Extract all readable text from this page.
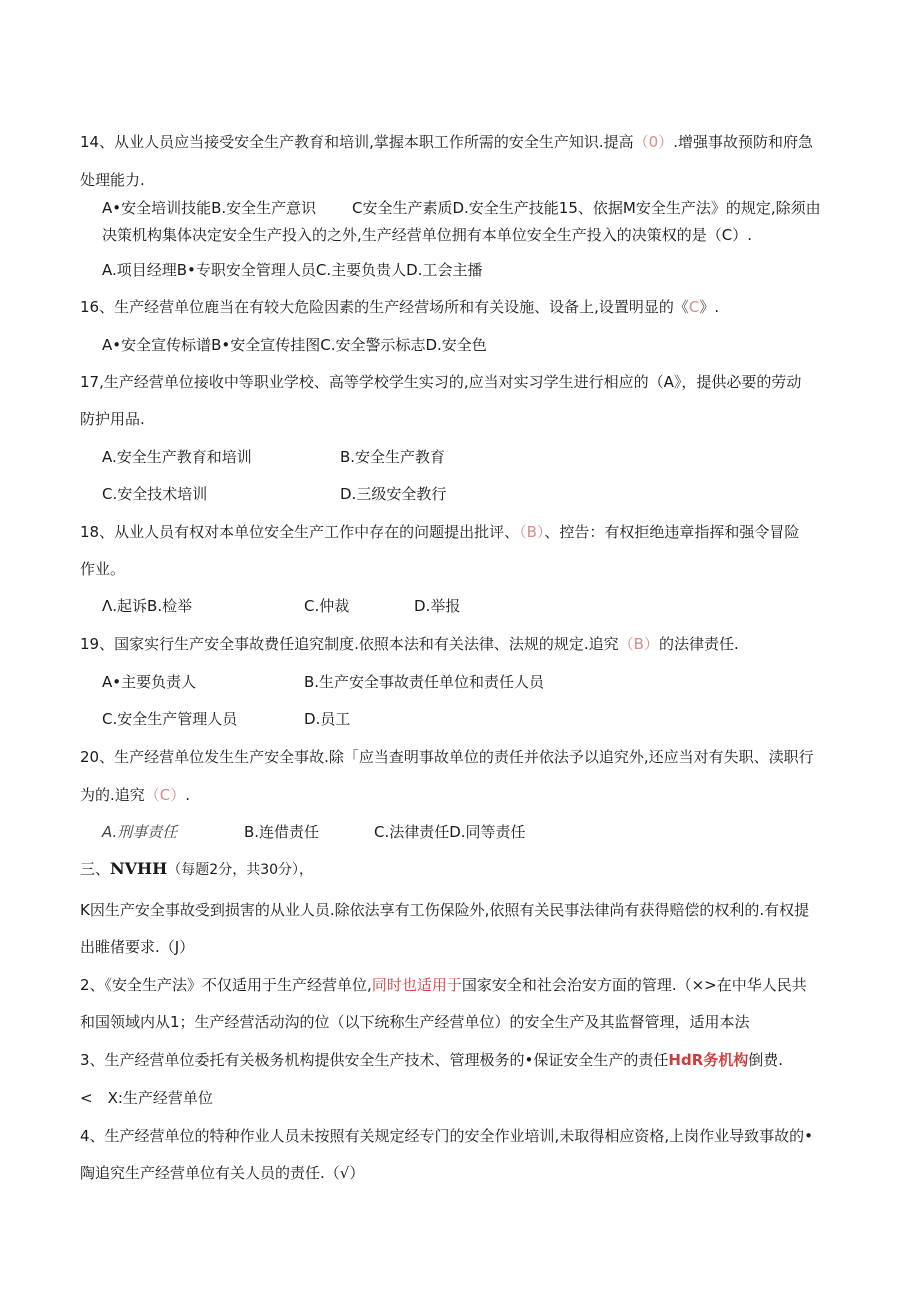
14、从业人员应当接受安全生产教育和培训,掌握本职工作所需的安全生产知识.提高（0）.增强事故预防和府急
处理能力.
A•安全培训技能B.安全生产意识 C安全生产素质D.安全生产技能15、依据M安全生产法》的规定,除须由
决策机构集体决定安全生产投入的之外,生产经营单位拥有本单位安全生产投入的决策权的是（C）.
A.项目经理B•专职安全管理人员C.主要负贵人D.工会主播
16、生产经营单位鹿当在有较大危险因素的生产经营场所和有关设施、设备上,设置明显的《C》.
A•安全宣传标谱B•安全宣传挂图C.安全警示标志D.安全色
17,生产经营单位接收中等职业学校、高等学校学生实习的,应当对实习学生进行相应的（A》，提供必要的劳动
防护用品.
A.安全生产教育和培训	B.安全生产教育
C.安全技术培训	D.三级安全教行
18、从业人员有权对本单位安全生产工作中存在的问题提出批评、（B）、控告：有权拒绝违章指挥和强令冒险
作业。
Λ.起诉B.检举	C.仲裁	D.举报
19、国家实行生产安全事故费任追究制度.依照本法和有关法律、法规的规定.追究（B）的法律责任.
A•主要负责人	B.生产安全事故责任单位和责任人员
C.安全生产管理人员	D.员工
20、生产经营单位发生生产安全事故.除「应当查明事故单位的责任并依法予以追究外,还应当对有失职、渎职行
为的.追究（C）.
A.刑事责任	B.连借责任	C.法律责任D.同等责任
三、NVHH（每题2分，共30分），
K因生产安全事故受到损害的从业人员.除依法享有工伤保险外,依照有关民事法律尚有获得赔偿的权利的.有权提
出睢偖要求.（J）
2、《安全生产法》不仅适用于生产经营单位,同时也适用于国家安全和社会治安方面的管理.（×>在中华人民共
和国领域内从1；生产经营活动沟的位（以下统称生产经营单位）的安全生产及其监督管理，适用本法
3、生产经营单位委托有关极务机构提供安全生产技术、管理极务的•保证安全生产的责任HdR务机构倒费.
<　X:生产经营单位
4、生产经营单位的特种作业人员未按照有关规定经专门的安全作业培训,未取得相应资格,上岗作业导致事故的•
陶追究生产经营单位有关人员的责任.（√）
